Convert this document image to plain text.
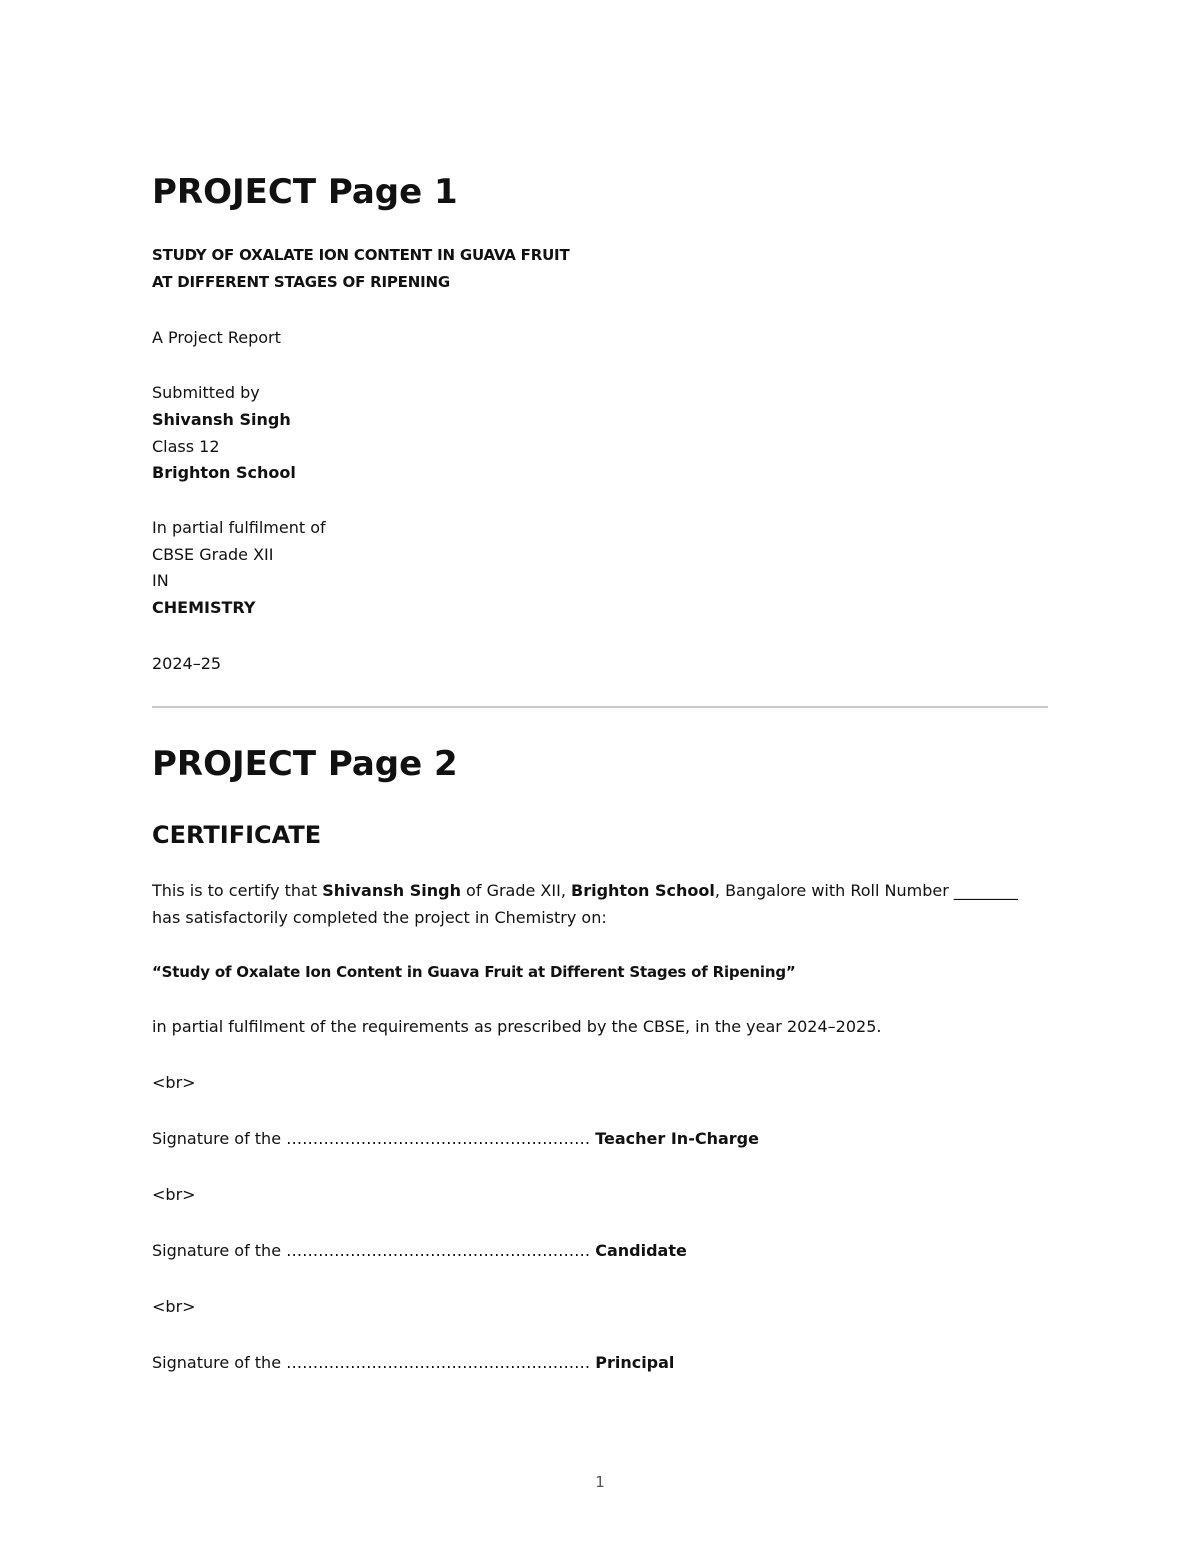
PROJECT Page 1
STUDY OF OXALATE ION CONTENT IN GUAVA FRUIT
AT DIFFERENT STAGES OF RIPENING
A Project Report
Submitted by
Shivansh Singh
Class 12
Brighton School
In partial fulfilment of
CBSE Grade XII
IN
CHEMISTRY
2024–25
PROJECT Page 2
CERTIFICATE

This is to certify that Shivansh Singh of Grade XII, Brighton School, Bangalore with Roll Number ________ has satisfactorily completed the project in Chemistry on:

“Study of Oxalate Ion Content in Guava Fruit at Different Stages of Ripening”
in partial fulfilment of the requirements as prescribed by the CBSE, in the year 2024–2025.
<br>
Signature of the ………………………………………………… Teacher In-Charge
<br>
Signature of the ………………………………………………… Candidate
<br>
Signature of the ………………………………………………… Principal
1
